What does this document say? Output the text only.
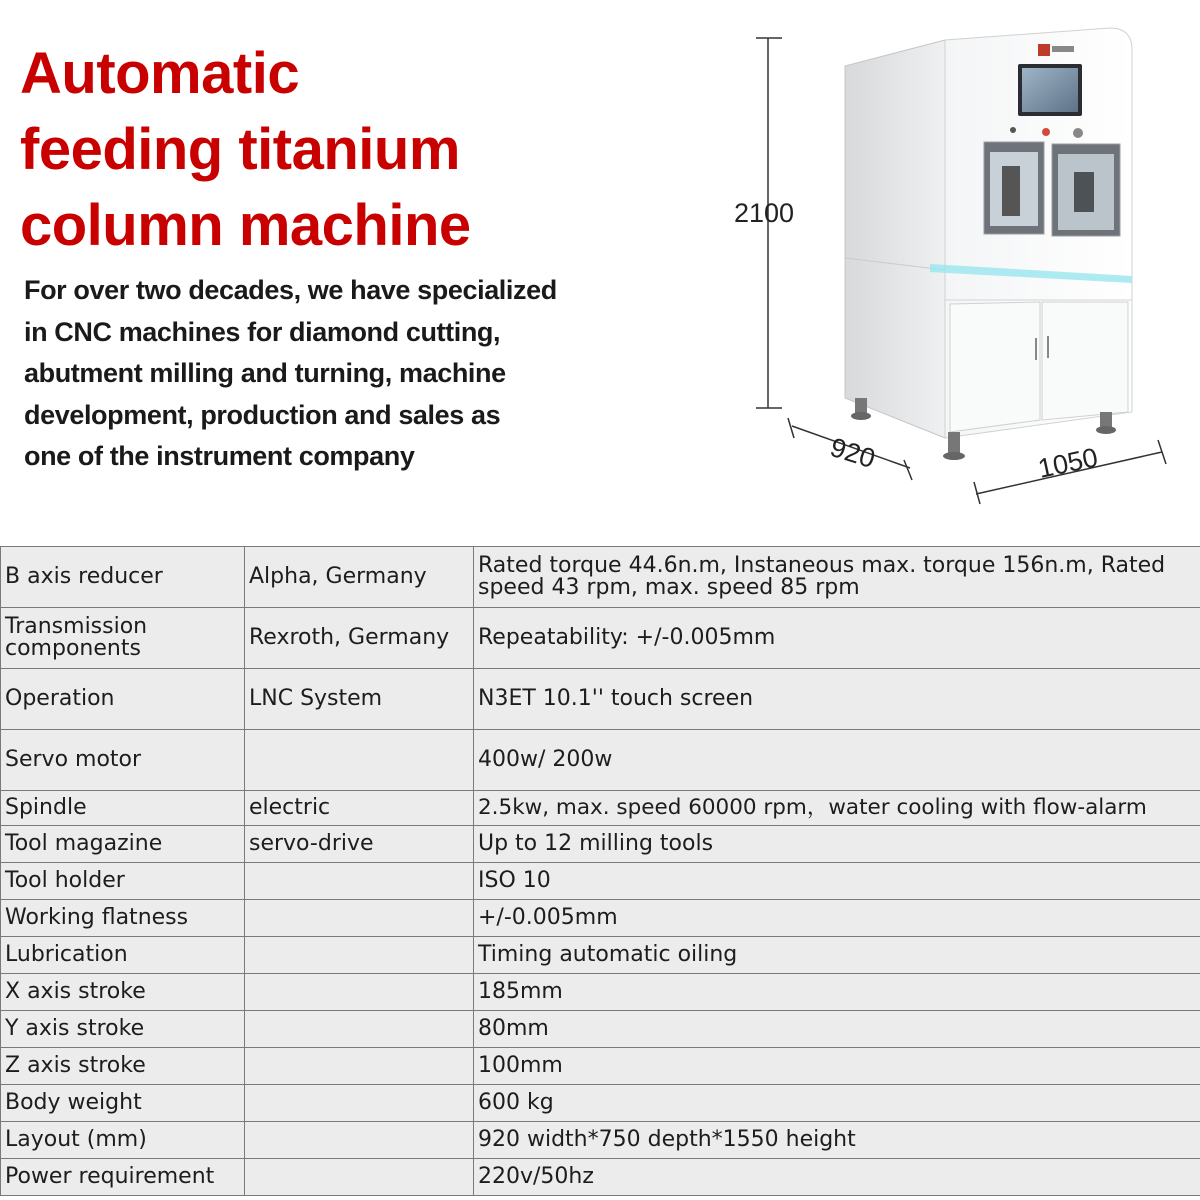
Automatic
feeding titanium
column machine
For over two decades, we have specialized
in CNC machines for diamond cutting,
abutment milling and turning, machine
development, production and sales as
one of the instrument company
2100
920	1050
B axis reducer	Alpha, Germany	Rated torque 44.6n.m, Instaneous max. torque 156n.m, Rated speed 43 rpm, max. speed 85 rpm
Transmission components	Rexroth, Germany	Repeatability: +/-0.005mm
Operation	LNC System	N3ET 10.1'' touch screen
Servo motor		400w/ 200w
Spindle	electric	2.5kw, max. speed 60000 rpm，water cooling with flow-alarm
Tool magazine	servo-drive	Up to 12 milling tools
Tool holder		ISO 10
Working flatness		+/-0.005mm
Lubrication		Timing automatic oiling
X axis stroke		185mm
Y axis stroke		80mm
Z axis stroke		100mm
Body weight		600 kg
Layout (mm)		920 width*750 depth*1550 height
Power requirement		220v/50hz
